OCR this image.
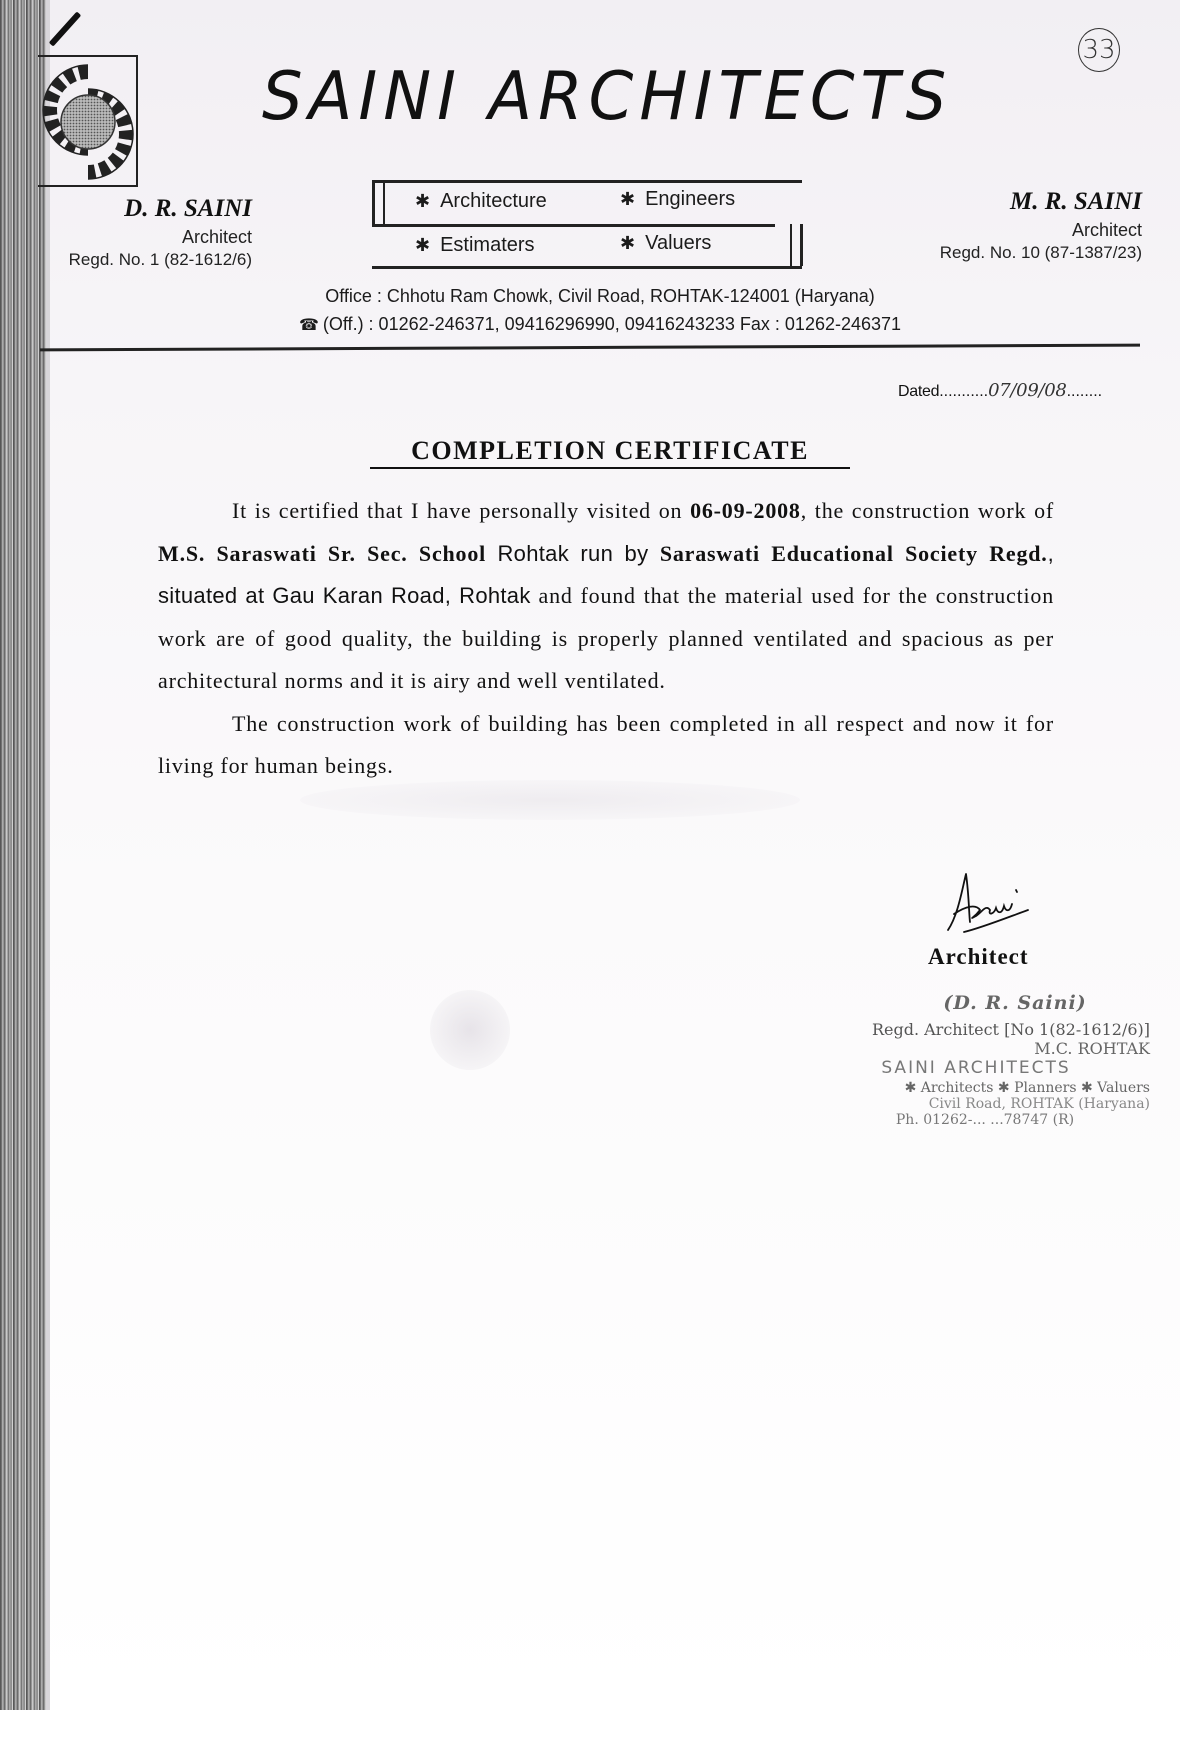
SAINI ARCHITECTS
33
D. R. SAINI
Architect
Regd. No. 1 (82-1612/6)
✱ Architecture	✱ Engineers
✱ Estimaters	✱ Valuers
M. R. SAINI
Architect
Regd. No. 10 (87-1387/23)
Office : Chhotu Ram Chowk, Civil Road, ROHTAK-124001 (Haryana)
☎ (Off.) : 01262-246371, 09416296990, 09416243233 Fax : 01262-246371
Dated...........07/09/08........
COMPLETION CERTIFICATE

It is certified that I have personally visited on 06-09-2008, the construction work of M.S. Saraswati Sr. Sec. School Rohtak run by Saraswati Educational Society Regd., situated at Gau Karan Road, Rohtak and found that the material used for the construction work are of good quality, the building is properly planned ventilated and spacious as per architectural norms and it is airy and well ventilated.

The construction work of building has been completed in all respect and now it for living for human beings.

Architect
(D. R. Saini)
Regd. Architect [No 1(82-1612/6)]
M.C. ROHTAK
SAINI ARCHITECTS
✱ Architects ✱ Planners ✱ Valuers
Civil Road, ROHTAK (Haryana)
Ph. 01262-... ...78747 (R)
